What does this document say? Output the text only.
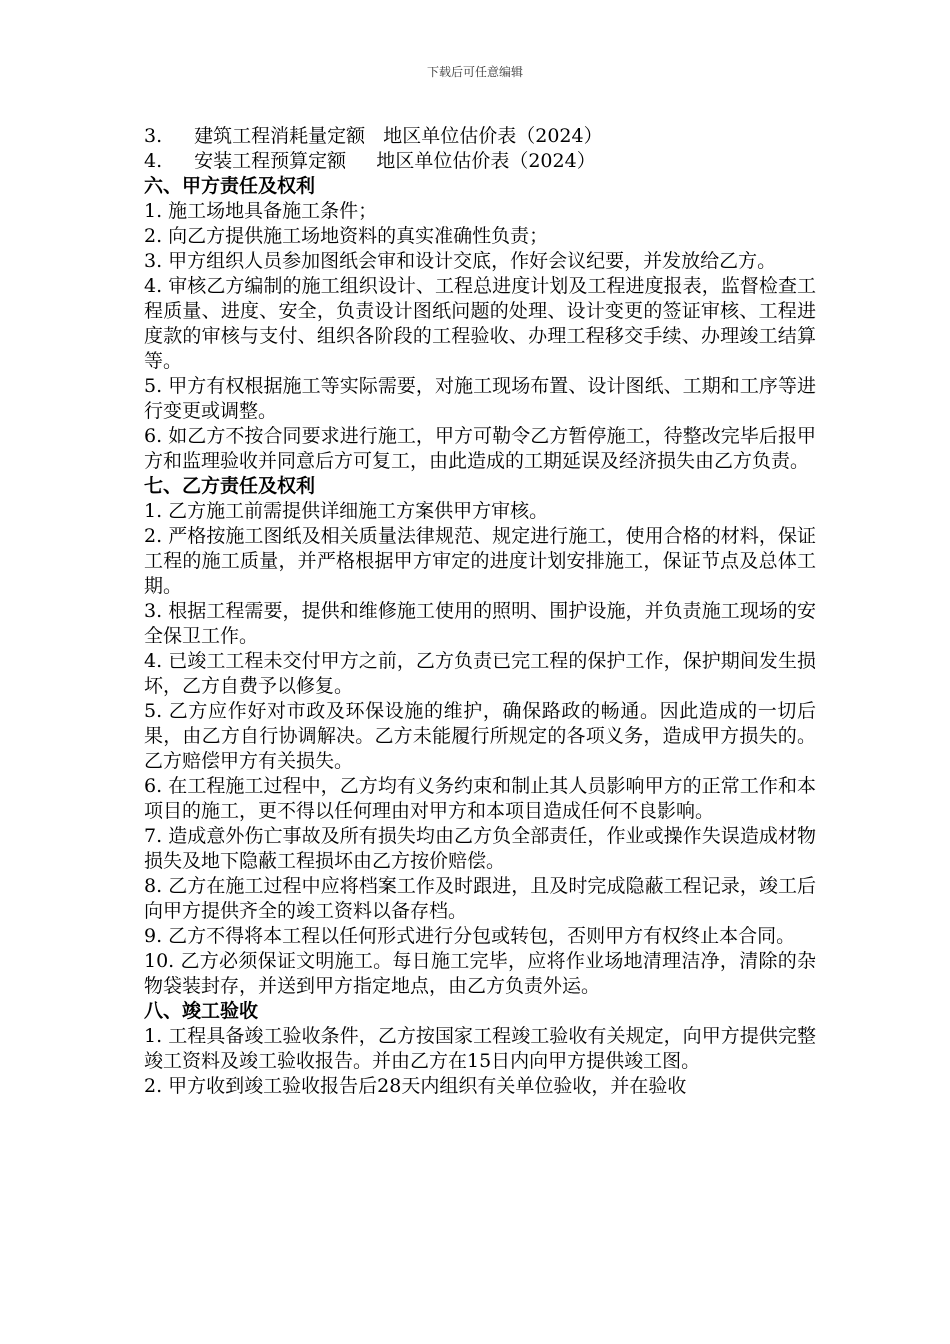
下载后可任意编辑

3. 建筑工程消耗量定额   地区单位估价表（2024）

4. 安装工程预算定额     地区单位估价表（2024）

六、甲方责任及权利

1. 施工场地具备施工条件；

2. 向乙方提供施工场地资料的真实准确性负责；

3. 甲方组织人员参加图纸会审和设计交底，作好会议纪要，并发放给乙方。

4. 审核乙方编制的施工组织设计、工程总进度计划及工程进度报表，监督检查工程质量、进度、安全，负责设计图纸问题的处理、设计变更的签证审核、工程进度款的审核与支付、组织各阶段的工程验收、办理工程移交手续、办理竣工结算等。

5. 甲方有权根据施工等实际需要，对施工现场布置、设计图纸、工期和工序等进行变更或调整。

6. 如乙方不按合同要求进行施工，甲方可勒令乙方暂停施工，待整改完毕后报甲方和监理验收并同意后方可复工，由此造成的工期延误及经济损失由乙方负责。

七、乙方责任及权利

1. 乙方施工前需提供详细施工方案供甲方审核。

2. 严格按施工图纸及相关质量法律规范、规定进行施工，使用合格的材料，保证工程的施工质量，并严格根据甲方审定的进度计划安排施工，保证节点及总体工期。

3. 根据工程需要，提供和维修施工使用的照明、围护设施，并负责施工现场的安全保卫工作。

4. 已竣工工程未交付甲方之前，乙方负责已完工程的保护工作，保护期间发生损坏，乙方自费予以修复。

5. 乙方应作好对市政及环保设施的维护，确保路政的畅通。因此造成的一切后果，由乙方自行协调解决。乙方未能履行所规定的各项义务，造成甲方损失的。乙方赔偿甲方有关损失。

6. 在工程施工过程中，乙方均有义务约束和制止其人员影响甲方的正常工作和本项目的施工，更不得以任何理由对甲方和本项目造成任何不良影响。

7. 造成意外伤亡事故及所有损失均由乙方负全部责任，作业或操作失误造成材物损失及地下隐蔽工程损坏由乙方按价赔偿。

8. 乙方在施工过程中应将档案工作及时跟进，且及时完成隐蔽工程记录，竣工后向甲方提供齐全的竣工资料以备存档。

9. 乙方不得将本工程以任何形式进行分包或转包，否则甲方有权终止本合同。

10. 乙方必须保证文明施工。每日施工完毕，应将作业场地清理洁净，清除的杂物袋装封存，并送到甲方指定地点，由乙方负责外运。

八、竣工验收

1. 工程具备竣工验收条件，乙方按国家工程竣工验收有关规定，向甲方提供完整竣工资料及竣工验收报告。并由乙方在15日内向甲方提供竣工图。

2. 甲方收到竣工验收报告后28天内组织有关单位验收，并在验收
